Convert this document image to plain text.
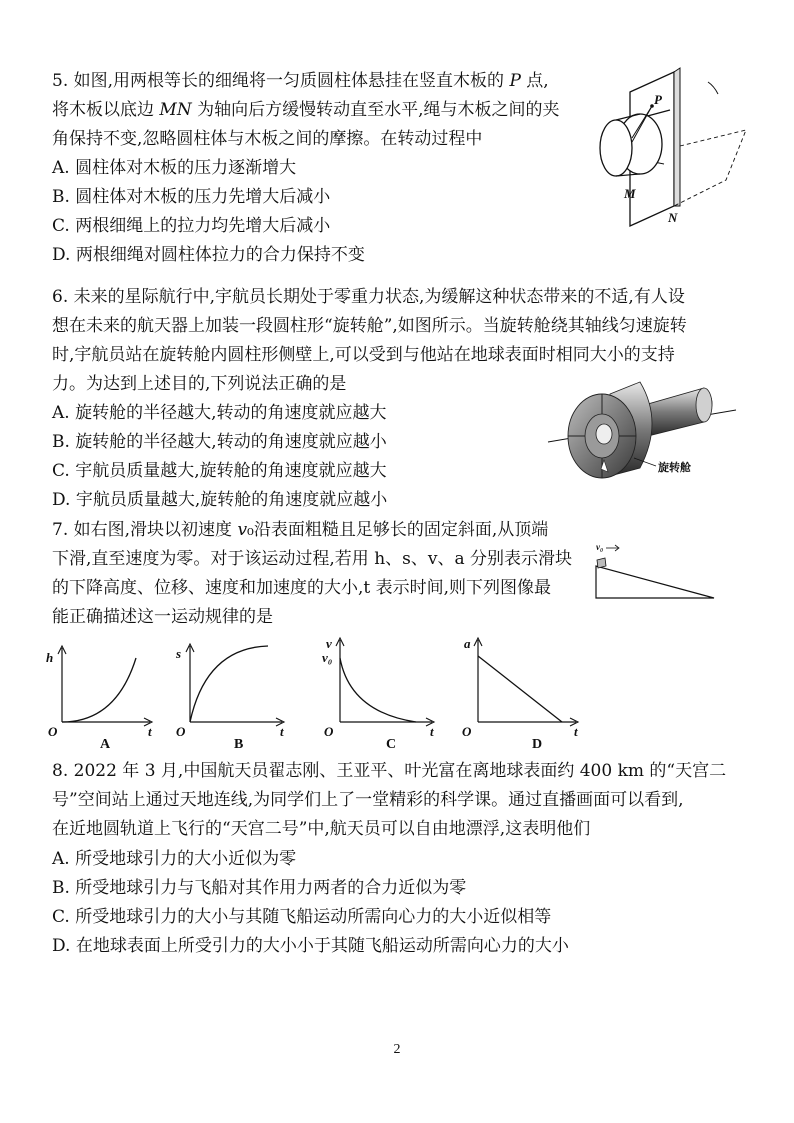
5. 如图,用两根等长的细绳将一匀质圆柱体悬挂在竖直木板的 P 点,
将木板以底边 MN 为轴向后方缓慢转动直至水平,绳与木板之间的夹
角保持不变,忽略圆柱体与木板之间的摩擦。在转动过程中
A. 圆柱体对木板的压力逐渐增大
B. 圆柱体对木板的压力先增大后减小
C. 两根细绳上的拉力均先增大后减小
D. 两根细绳对圆柱体拉力的合力保持不变
P
M
N
6. 未来的星际航行中,宇航员长期处于零重力状态,为缓解这种状态带来的不适,有人设
想在未来的航天器上加装一段圆柱形“旋转舱”,如图所示。当旋转舱绕其轴线匀速旋转
时,宇航员站在旋转舱内圆柱形侧壁上,可以受到与他站在地球表面时相同大小的支持
力。为达到上述目的,下列说法正确的是
A. 旋转舱的半径越大,转动的角速度就应越大
B. 旋转舱的半径越大,转动的角速度就应越小
C. 宇航员质量越大,旋转舱的角速度就应越大
D. 宇航员质量越大,旋转舱的角速度就应越小
旋转舱
7. 如右图,滑块以初速度 v₀沿表面粗糙且足够长的固定斜面,从顶端
下滑,直至速度为零。对于该运动过程,若用 h、s、v、a 分别表示滑块
的下降高度、位移、速度和加速度的大小,t 表示时间,则下列图像最
能正确描述这一运动规律的是
v₀
h
t
O
A
s
t
O
B
v
v₀
t
O
C
a
t
O
D
8. 2022 年 3 月,中国航天员翟志刚、王亚平、叶光富在离地球表面约 400 km 的“天宫二
号”空间站上通过天地连线,为同学们上了一堂精彩的科学课。通过直播画面可以看到,
在近地圆轨道上飞行的“天宫二号”中,航天员可以自由地漂浮,这表明他们
A. 所受地球引力的大小近似为零
B. 所受地球引力与飞船对其作用力两者的合力近似为零
C. 所受地球引力的大小与其随飞船运动所需向心力的大小近似相等
D. 在地球表面上所受引力的大小小于其随飞船运动所需向心力的大小
2
